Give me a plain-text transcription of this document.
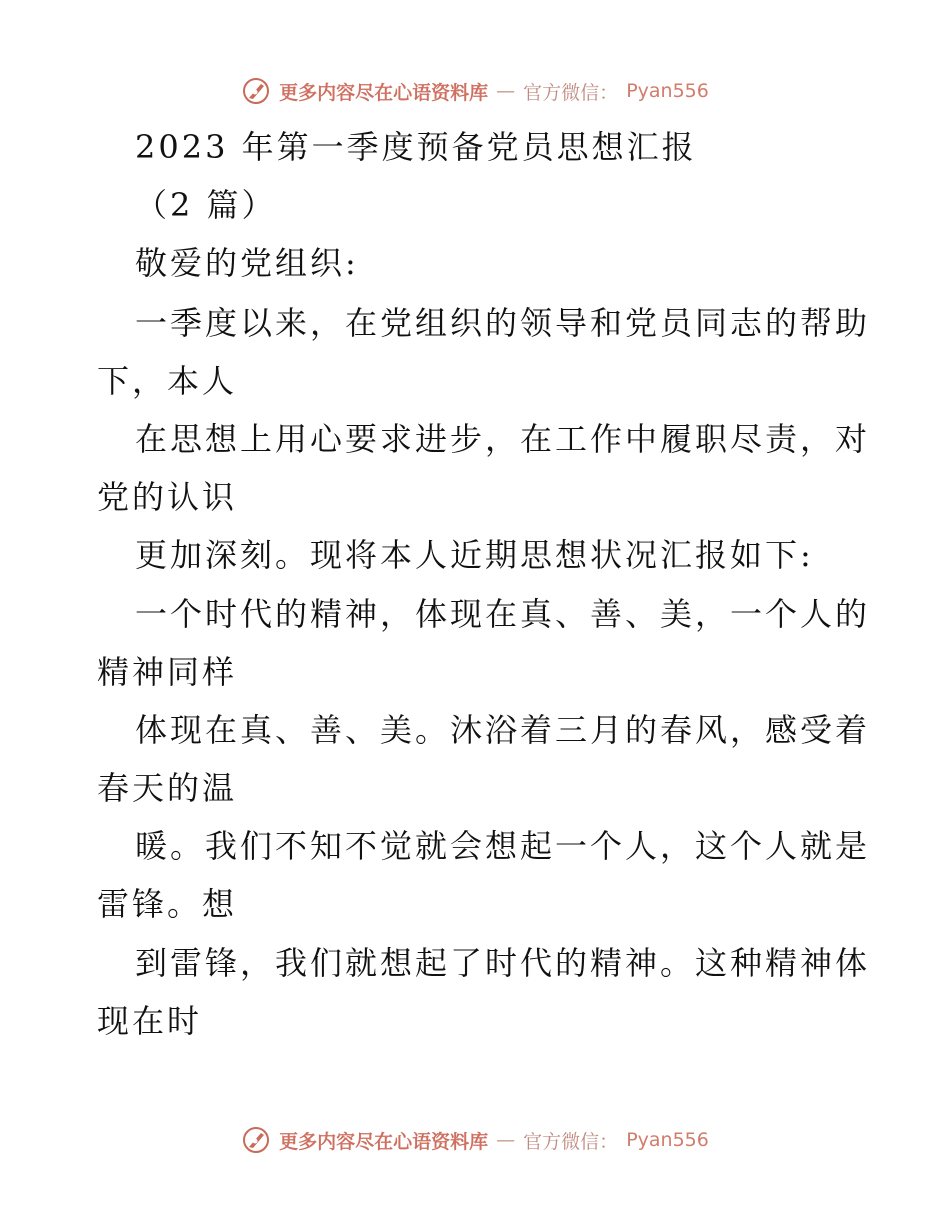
更多内容尽在心语资料库 — 官方微信： Pyan556
2023 年第一季度预备党员思想汇报
（2 篇）
敬爱的党组织:
一季度以来，在党组织的领导和党员同志的帮助
下，本人
在思想上用心要求进步，在工作中履职尽责，对
党的认识
更加深刻。现将本人近期思想状况汇报如下:
一个时代的精神，体现在真、善、美，一个人的
精神同样
体现在真、善、美。沐浴着三月的春风，感受着
春天的温
暖。我们不知不觉就会想起一个人，这个人就是
雷锋。想
到雷锋，我们就想起了时代的精神。这种精神体
现在时
更多内容尽在心语资料库 — 官方微信： Pyan556
